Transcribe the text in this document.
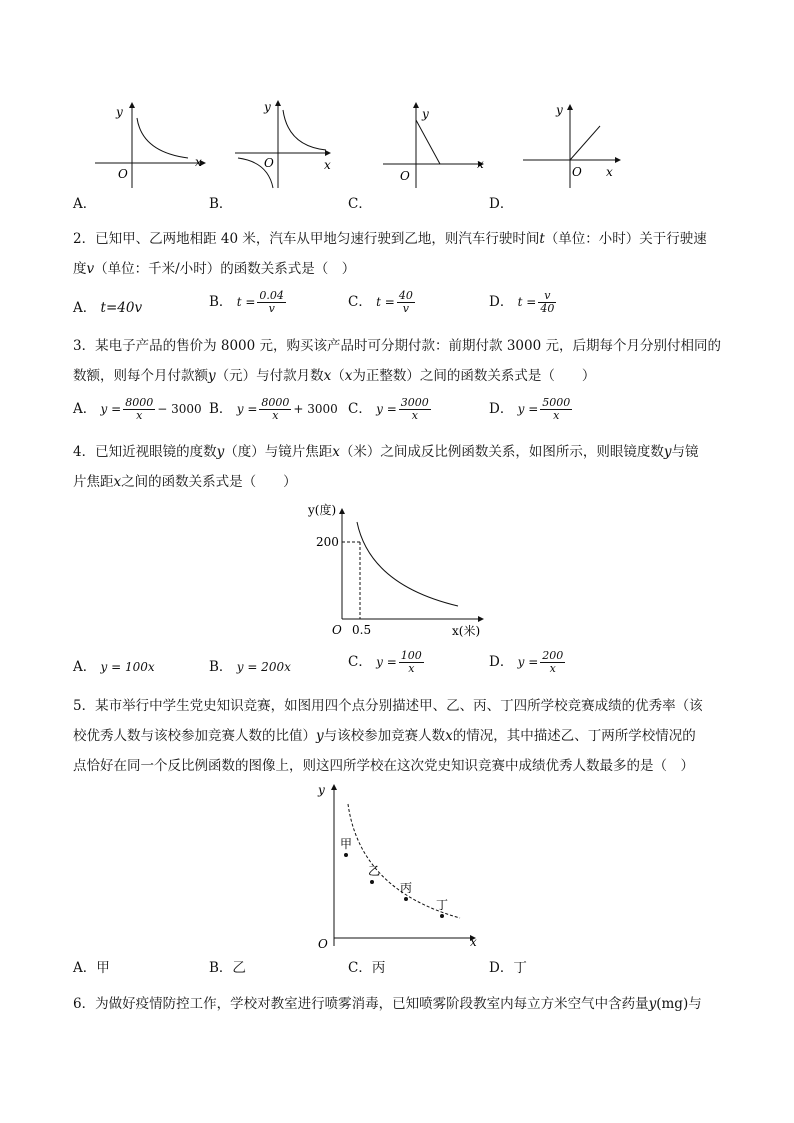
y
x
O
y
x
O
y
x
O
y
x
O
A．	B．	C．	D．
2．已知甲、乙两地相距 40 米，汽车从甲地匀速行驶到乙地，则汽车行驶时间t（单位：小时）关于行驶速
度v（单位：千米/小时）的函数关系式是（　）
A． t=40v	B． $t = \frac{0.04}{v}$	C． $t = \frac{40}{v}$	D． $t = \frac{v}{40}$
3．某电子产品的售价为 8000 元，购买该产品时可分期付款：前期付款 3000 元，后期每个月分别付相同的
数额，则每个月付款额y（元）与付款月数x（x为正整数）之间的函数关系式是（　　）
A． $y = \frac{8000}{x} - 3000$ B． $y = \frac{8000}{x} + 3000$ C． $y = \frac{3000}{x}$	D． $y = \frac{5000}{x}$
4．已知近视眼镜的度数y（度）与镜片焦距x（米）之间成反比例函数关系，如图所示，则眼镜度数y与镜
片焦距x之间的函数关系式是（　　）
y(度)
x(米)
O
200
0.5
A． y = 100x	B． y = 200x	C． $y = \frac{100}{x}$	D． $y = \frac{200}{x}$
5．某市举行中学生党史知识竞赛，如图用四个点分别描述甲、乙、丙、丁四所学校竞赛成绩的优秀率（该
校优秀人数与该校参加竞赛人数的比值）y与该校参加竞赛人数x的情况，其中描述乙、丁两所学校情况的
点恰好在同一个反比例函数的图像上，则这四所学校在这次党史知识竞赛中成绩优秀人数最多的是（　）
y
x
O
甲
乙
丙
丁
A．甲	B．乙	C．丙	D．丁
6．为做好疫情防控工作，学校对教室进行喷雾消毒，已知喷雾阶段教室内每立方米空气中含药量y(mg)与
